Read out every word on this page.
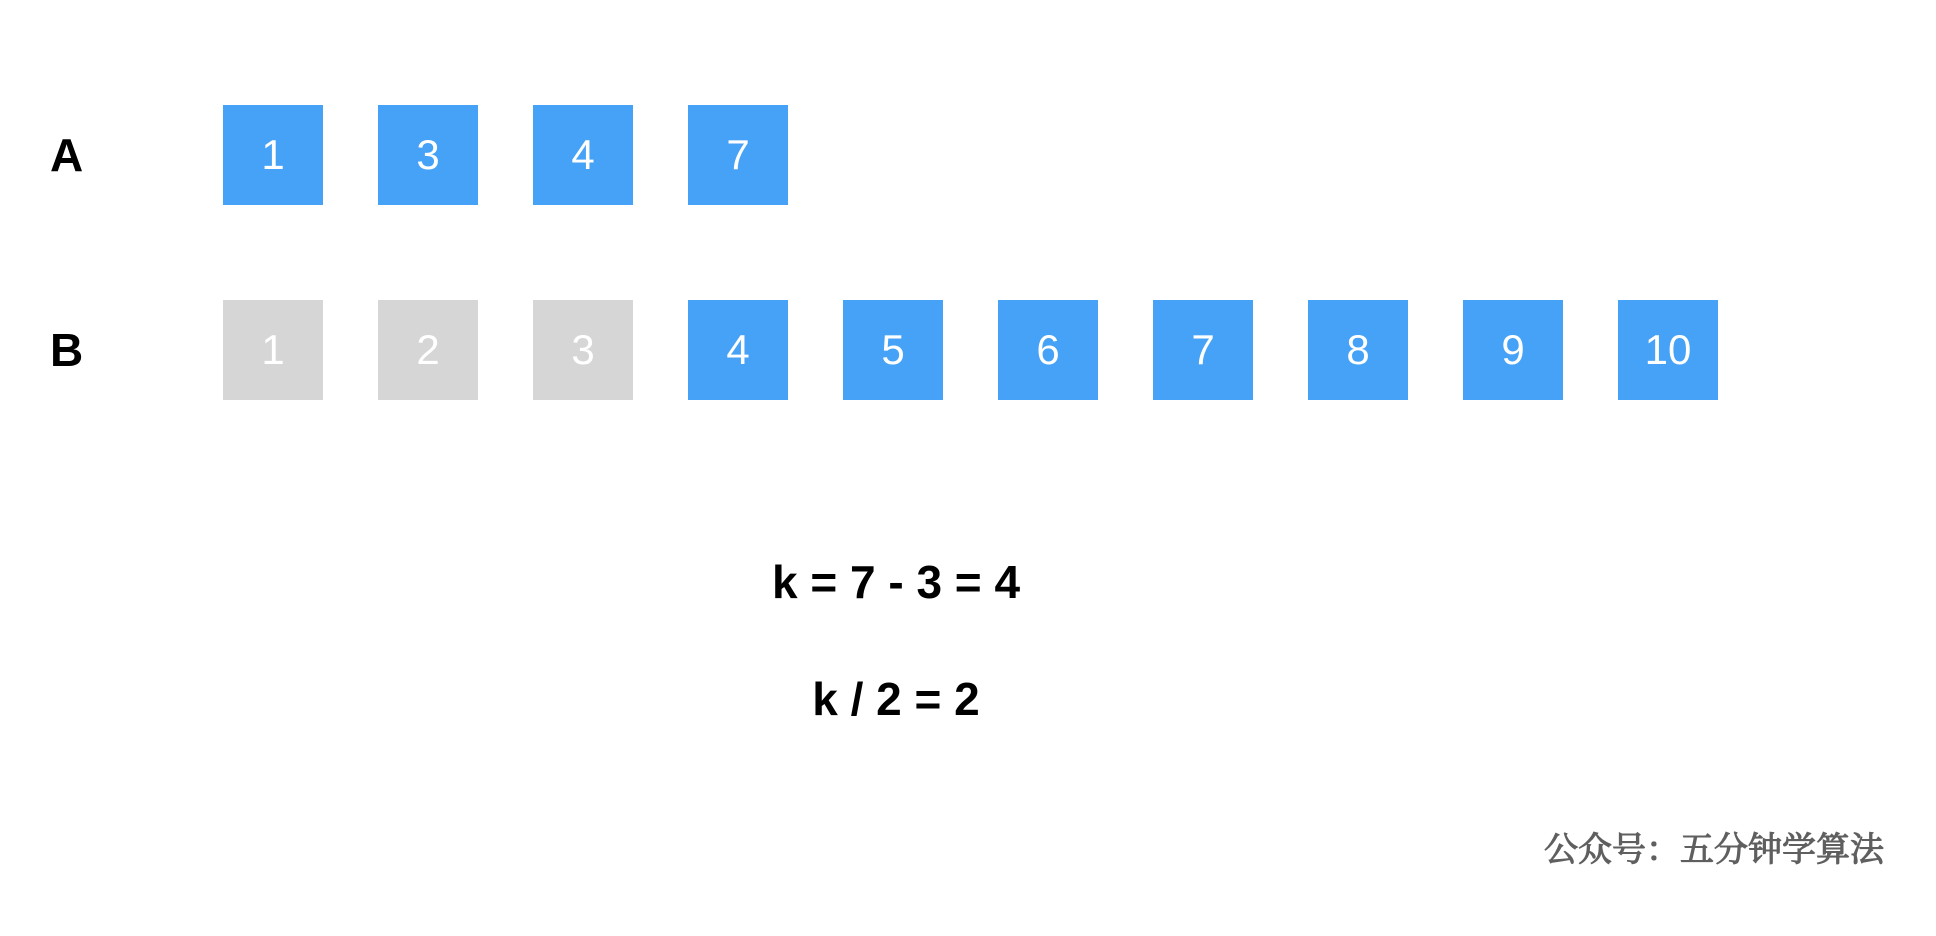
A
B
1	3	4	7
1	2	3	4	5	6	7	8	9	10
k = 7 - 3 = 4
k / 2 = 2
公众号：五分钟学算法
